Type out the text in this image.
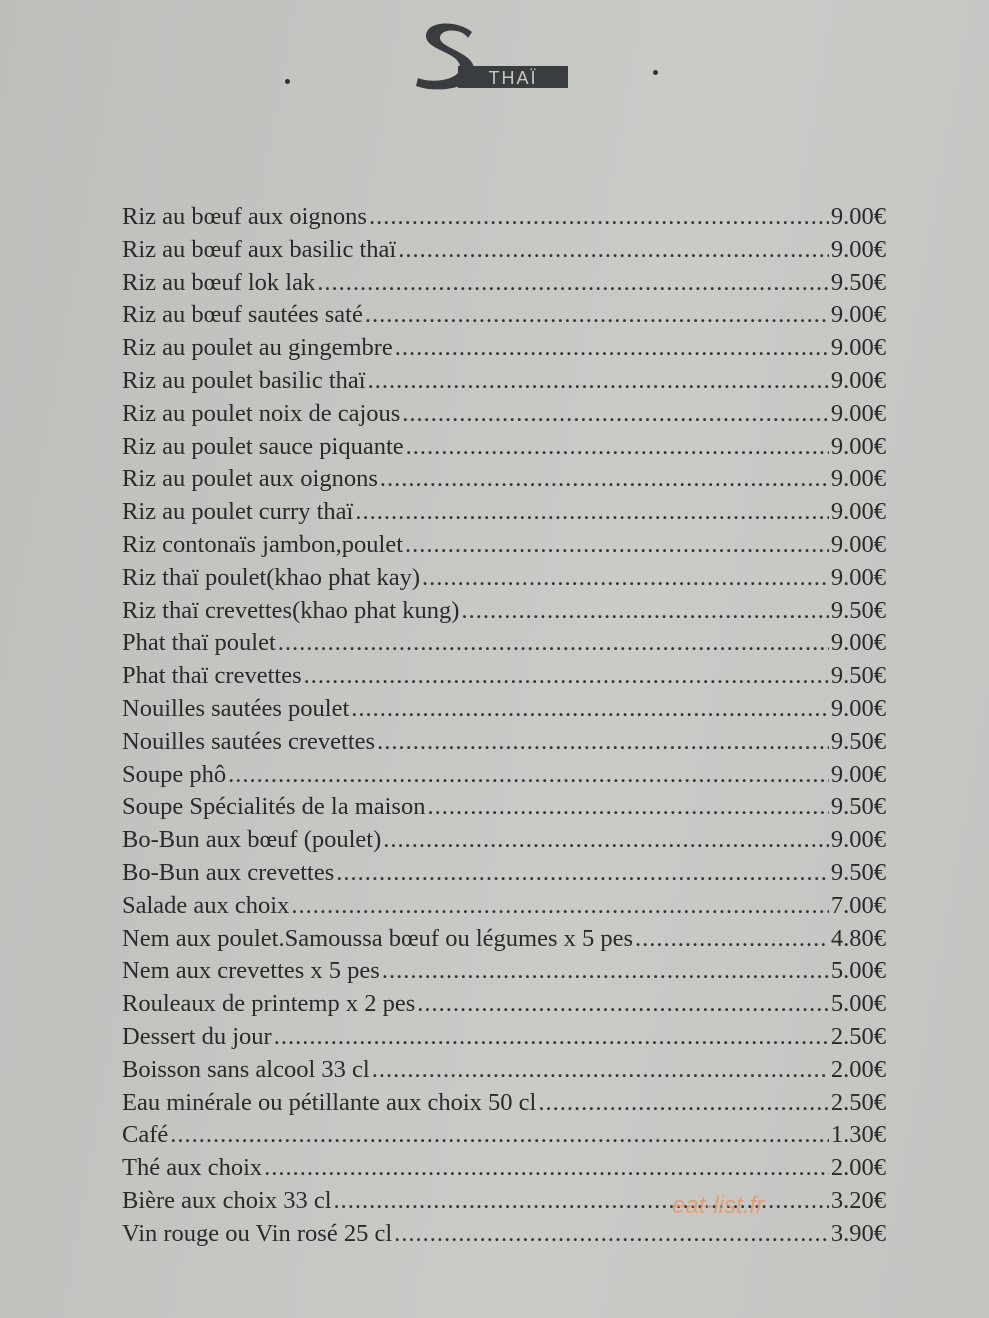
THAÏ
Riz au bœuf aux oignons .....	9.00€
Riz au bœuf aux basilic thaï .....	9.00€
Riz au bœuf lok lak .....	9.50€
Riz au bœuf sautées saté .....	9.00€
Riz au poulet au gingembre .....	9.00€
Riz au poulet basilic thaï .....	9.00€
Riz au poulet noix de cajous .....	9.00€
Riz au poulet sauce piquante .....	9.00€
Riz au poulet aux oignons .....	9.00€
Riz au poulet curry thaï .....	9.00€
Riz contonaïs jambon,poulet .....	9.00€
Riz thaï poulet(khao phat kay) .....	9.00€
Riz thaï crevettes(khao phat kung) .....	9.50€
Phat thaï poulet .....	9.00€
Phat thaï crevettes .....	9.50€
Nouilles sautées poulet .....	9.00€
Nouilles sautées crevettes .....	9.50€
Soupe phô .....	9.00€
Soupe Spécialités de la maison .....	9.50€
Bo-Bun aux bœuf (poulet) .....	9.00€
Bo-Bun aux crevettes .....	9.50€
Salade aux choix .....	7.00€
Nem aux poulet.Samoussa bœuf ou légumes x 5 pes .....	4.80€
Nem aux crevettes x 5 pes .....	5.00€
Rouleaux de printemp x 2 pes .....	5.00€
Dessert du jour .....	2.50€
Boisson sans alcool 33 cl .....	2.00€
Eau minérale ou pétillante aux choix 50 cl .....	2.50€
Café .....	1.30€
Thé aux choix .....	2.00€
Bière aux choix 33 cl .....	3.20€
Vin rouge ou Vin rosé 25 cl .....	3.90€
eat-list.fr
